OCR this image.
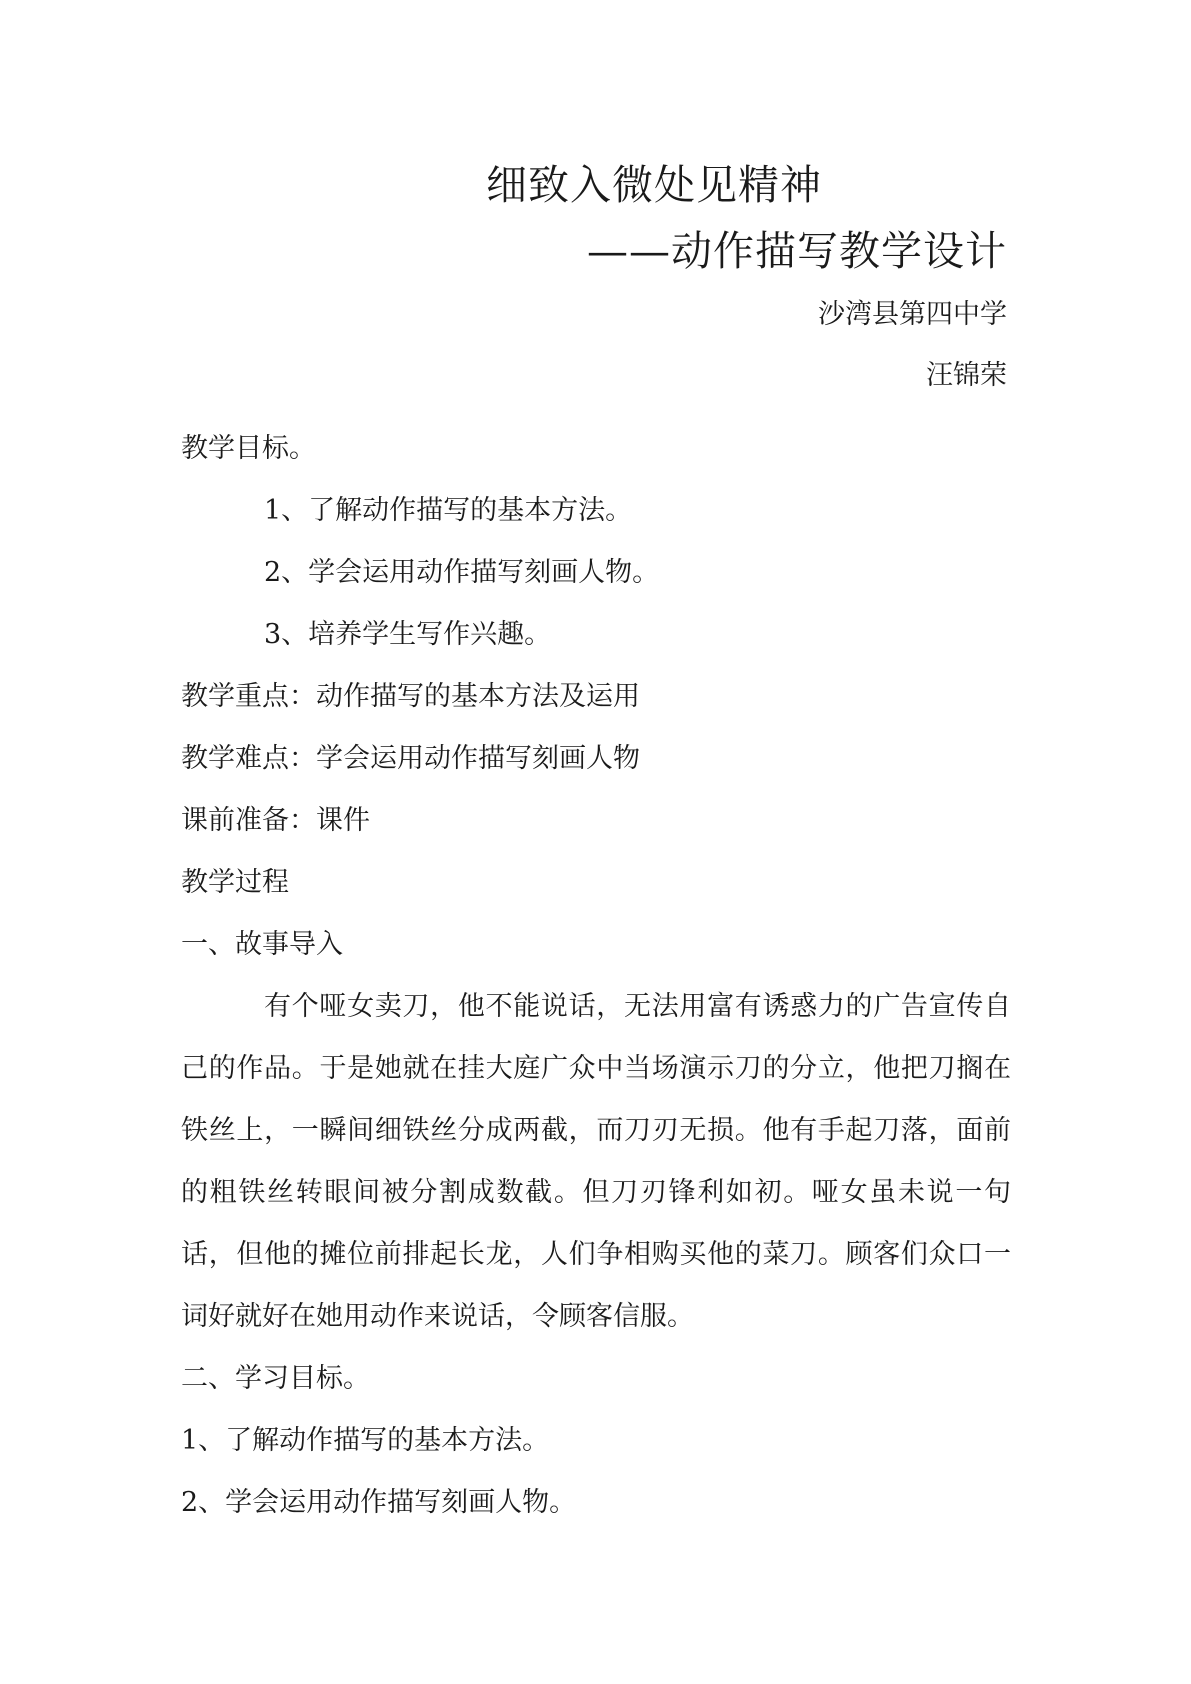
细致入微处见精神
——动作描写教学设计
沙湾县第四中学
汪锦荣
教学目标。
1、了解动作描写的基本方法。
2、学会运用动作描写刻画人物。
3、培养学生写作兴趣。
教学重点：动作描写的基本方法及运用
教学难点：学会运用动作描写刻画人物
课前准备：课件
教学过程
一、故事导入
有个哑女卖刀，他不能说话，无法用富有诱惑力的广告宣传自己的作品。于是她就在挂大庭广众中当场演示刀的分立，他把刀搁在铁丝上，一瞬间细铁丝分成两截，而刀刃无损。他有手起刀落，面前的粗铁丝转眼间被分割成数截。但刀刃锋利如初。哑女虽未说一句话，但他的摊位前排起长龙，人们争相购买他的菜刀。顾客们众口一词好就好在她用动作来说话，令顾客信服。
二、学习目标。
1、了解动作描写的基本方法。
2、学会运用动作描写刻画人物。
